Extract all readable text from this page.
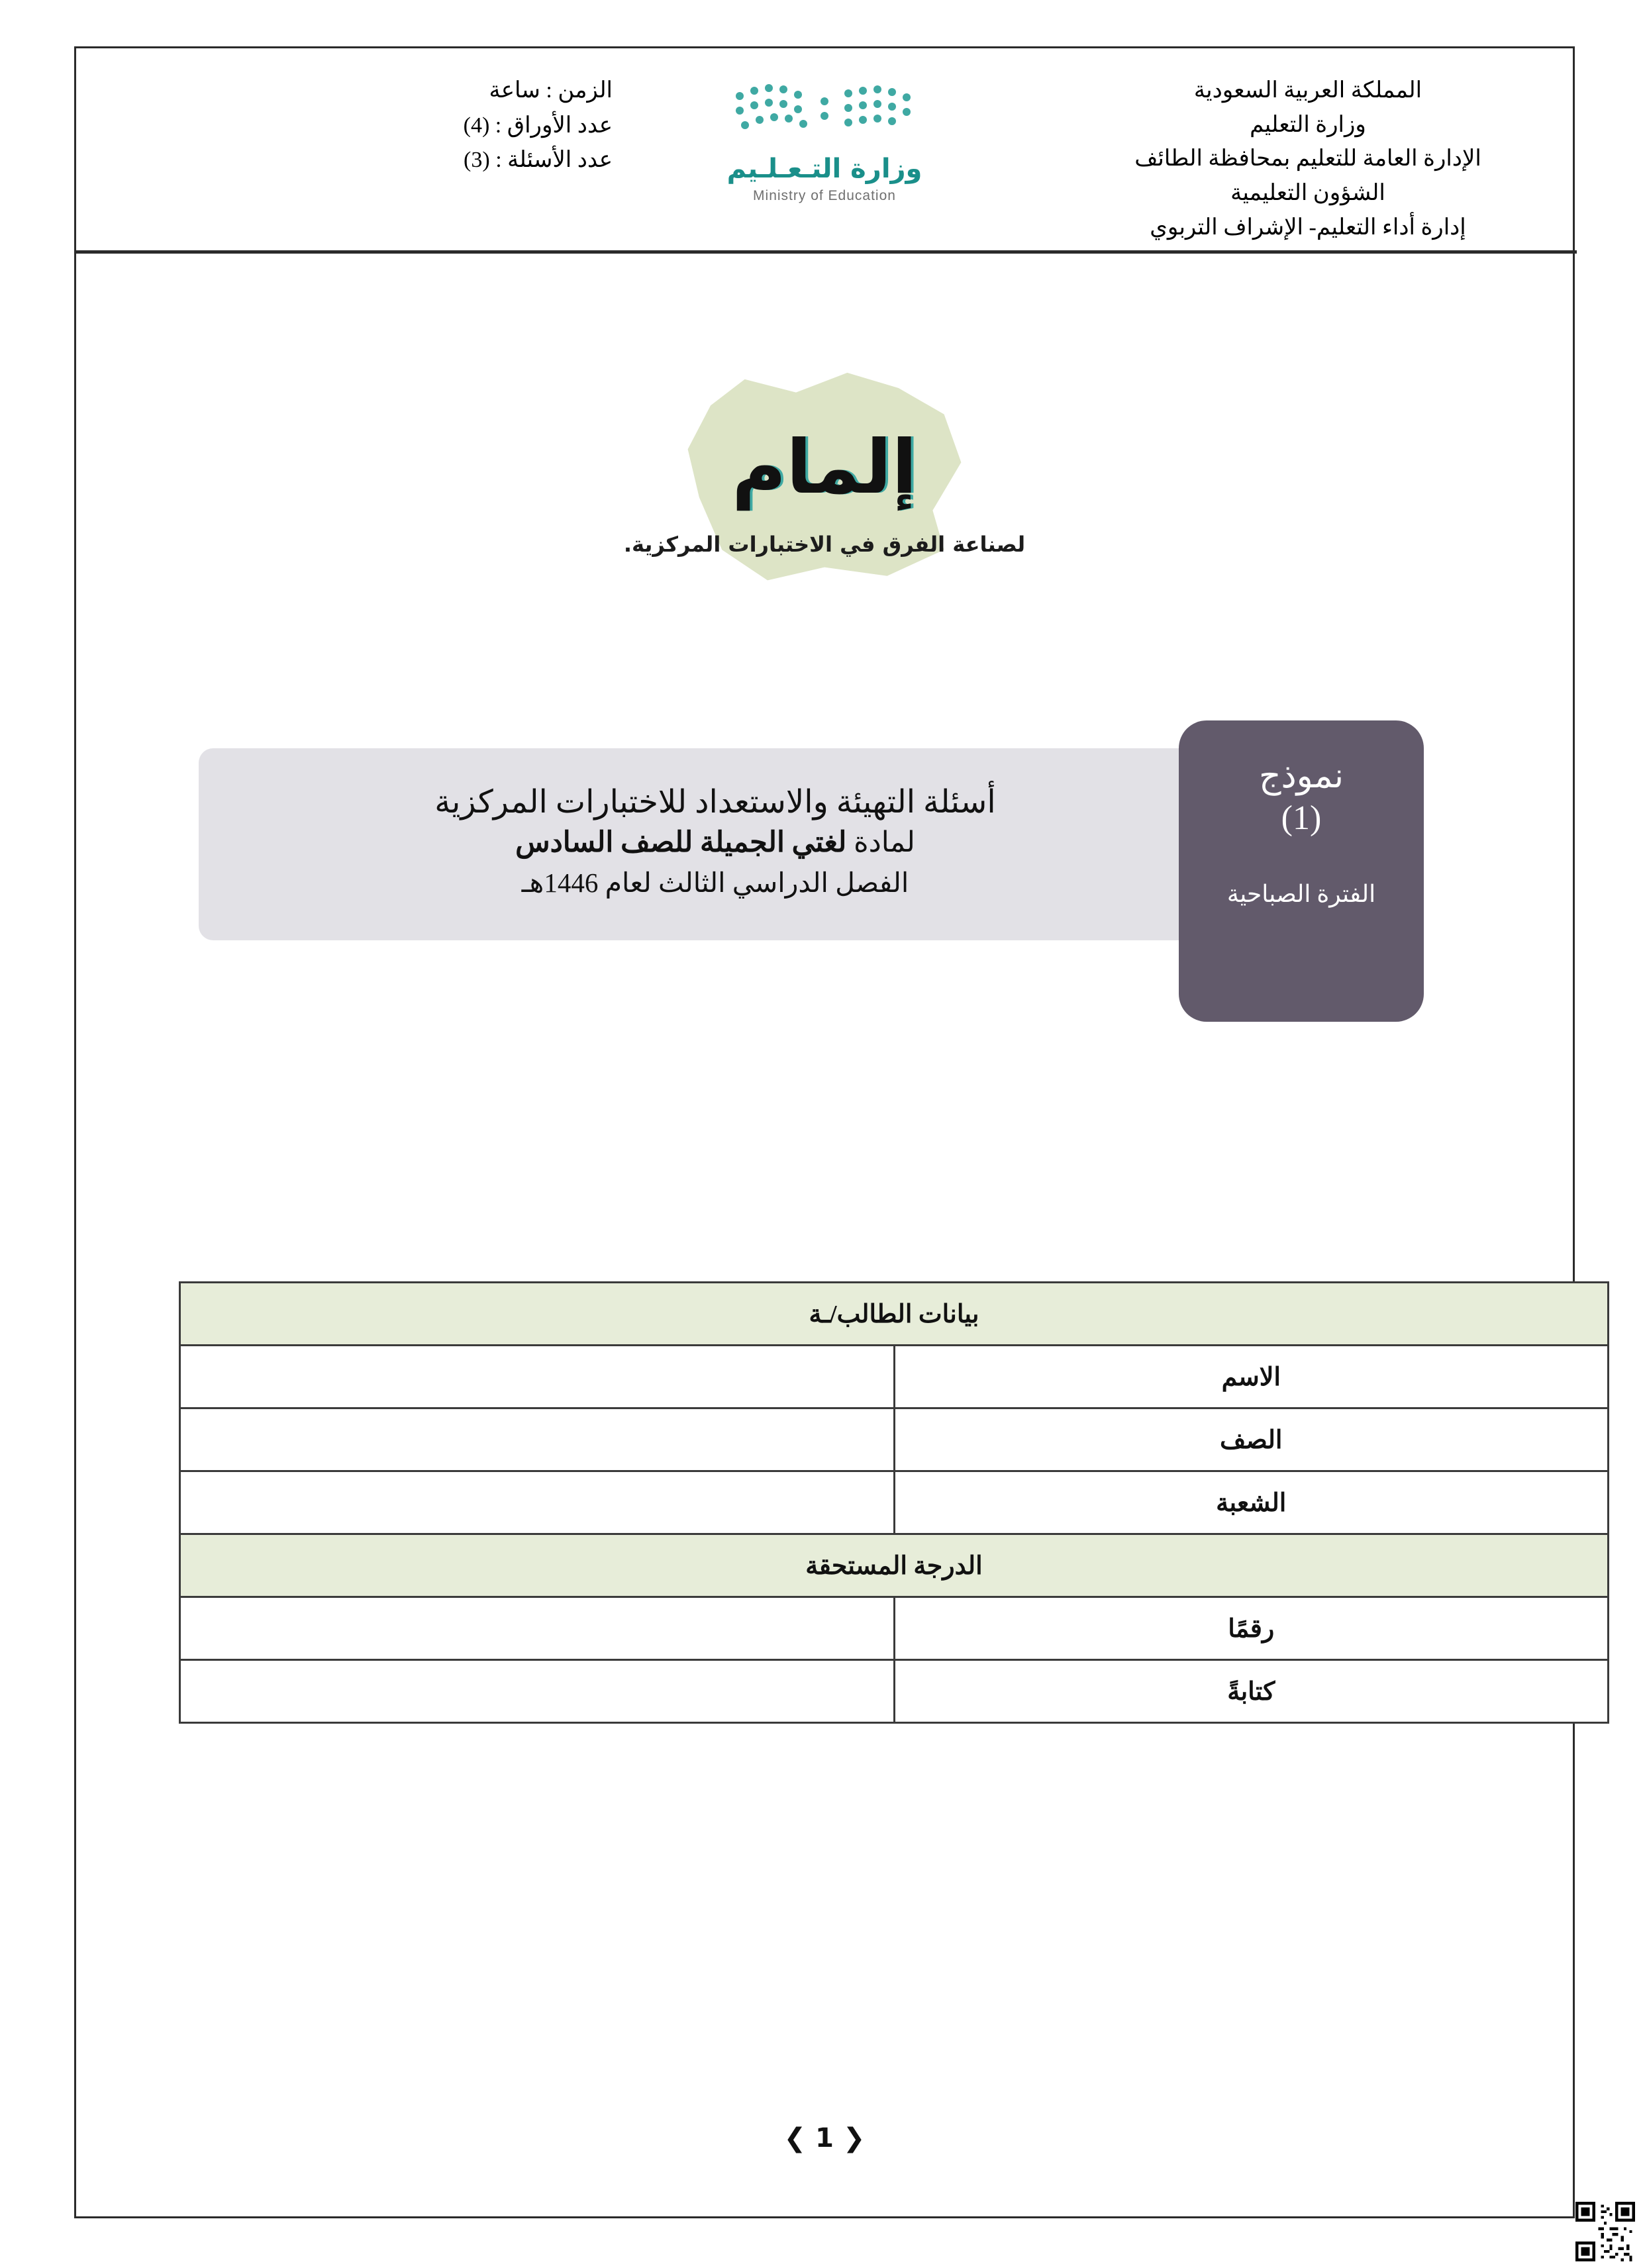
المملكة العربية السعودية
وزارة التعليم
الإدارة العامة للتعليم بمحافظة الطائف
الشؤون التعليمية
إدارة أداء التعليم- الإشراف التربوي
وزارة التـعـلـيم
Ministry of Education
الزمن : ساعة
عدد الأوراق : (4)
عدد الأسئلة : (3)
إلمام
لصناعة الفرق في الاختبارات المركزية.
أسئلة التهيئة والاستعداد للاختبارات المركزية
لمادة لغتي الجميلة للصف السادس
الفصل الدراسي الثالث لعام 1446هـ
نموذج
(1)
الفترة الصباحية
بيانات الطالب/ـة	
الاسم	
الصف	
الشعبة	
الدرجة المستحقة	
رقمًا	
كتابةً	
❮ 1 ❯
